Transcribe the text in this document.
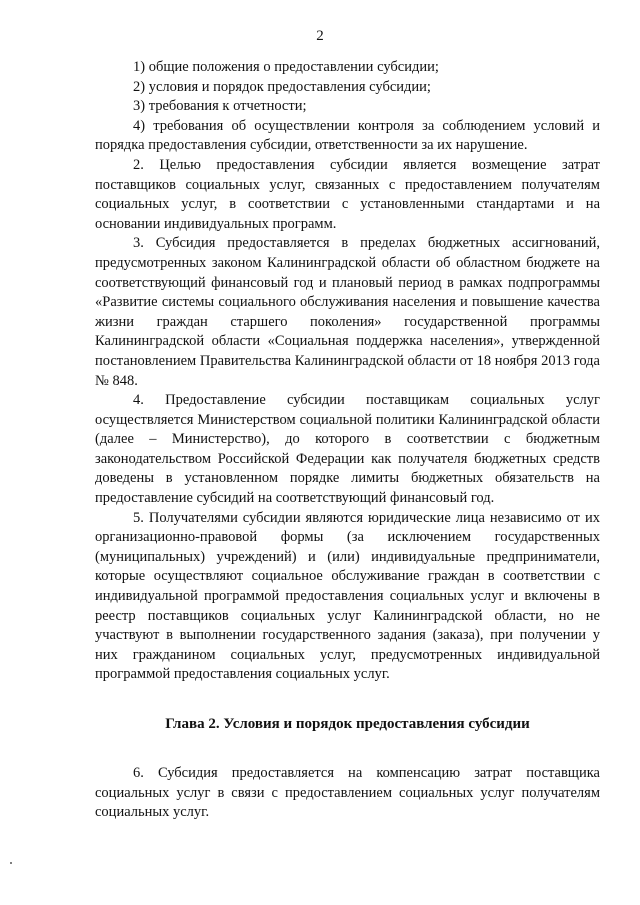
2

1) общие положения о предоставлении субсидии;

2) условия и порядок предоставления субсидии;

3) требования к отчетности;

4) требования об осуществлении контроля за соблюдением условий и порядка предоставления субсидии, ответственности за их нарушение.

2. Целью предоставления субсидии является возмещение затрат поставщиков социальных услуг, связанных с предоставлением получателям социальных услуг, в соответствии с установленными стандартами и на основании индивидуальных программ.

3. Субсидия предоставляется в пределах бюджетных ассигнований, предусмотренных законом Калининградской области об областном бюджете на соответствующий финансовый год и плановый период в рамках подпрограммы «Развитие системы социального обслуживания населения и повышение качества жизни граждан старшего поколения» государственной программы Калининградской области «Социальная поддержка населения», утвержденной постановлением Правительства Калининградской области от 18 ноября 2013 года № 848.

4. Предоставление субсидии поставщикам социальных услуг осуществляется Министерством социальной политики Калининградской области (далее – Министерство), до которого в соответствии с бюджетным законодательством Российской Федерации как получателя бюджетных средств доведены в установленном порядке лимиты бюджетных обязательств на предоставление субсидий на соответствующий финансовый год.

5. Получателями субсидии являются юридические лица независимо от их организационно-правовой формы (за исключением государственных (муниципальных) учреждений) и (или) индивидуальные предприниматели, которые осуществляют социальное обслуживание граждан в соответствии с индивидуальной программой предоставления социальных услуг и включены в реестр поставщиков социальных услуг Калининградской области, но не участвуют в выполнении государственного задания (заказа), при получении у них гражданином социальных услуг, предусмотренных индивидуальной программой предоставления социальных услуг.

Глава 2. Условия и порядок предоставления субсидии

6. Субсидия предоставляется на компенсацию затрат поставщика социальных услуг в связи с предоставлением социальных услуг получателям социальных услуг.
